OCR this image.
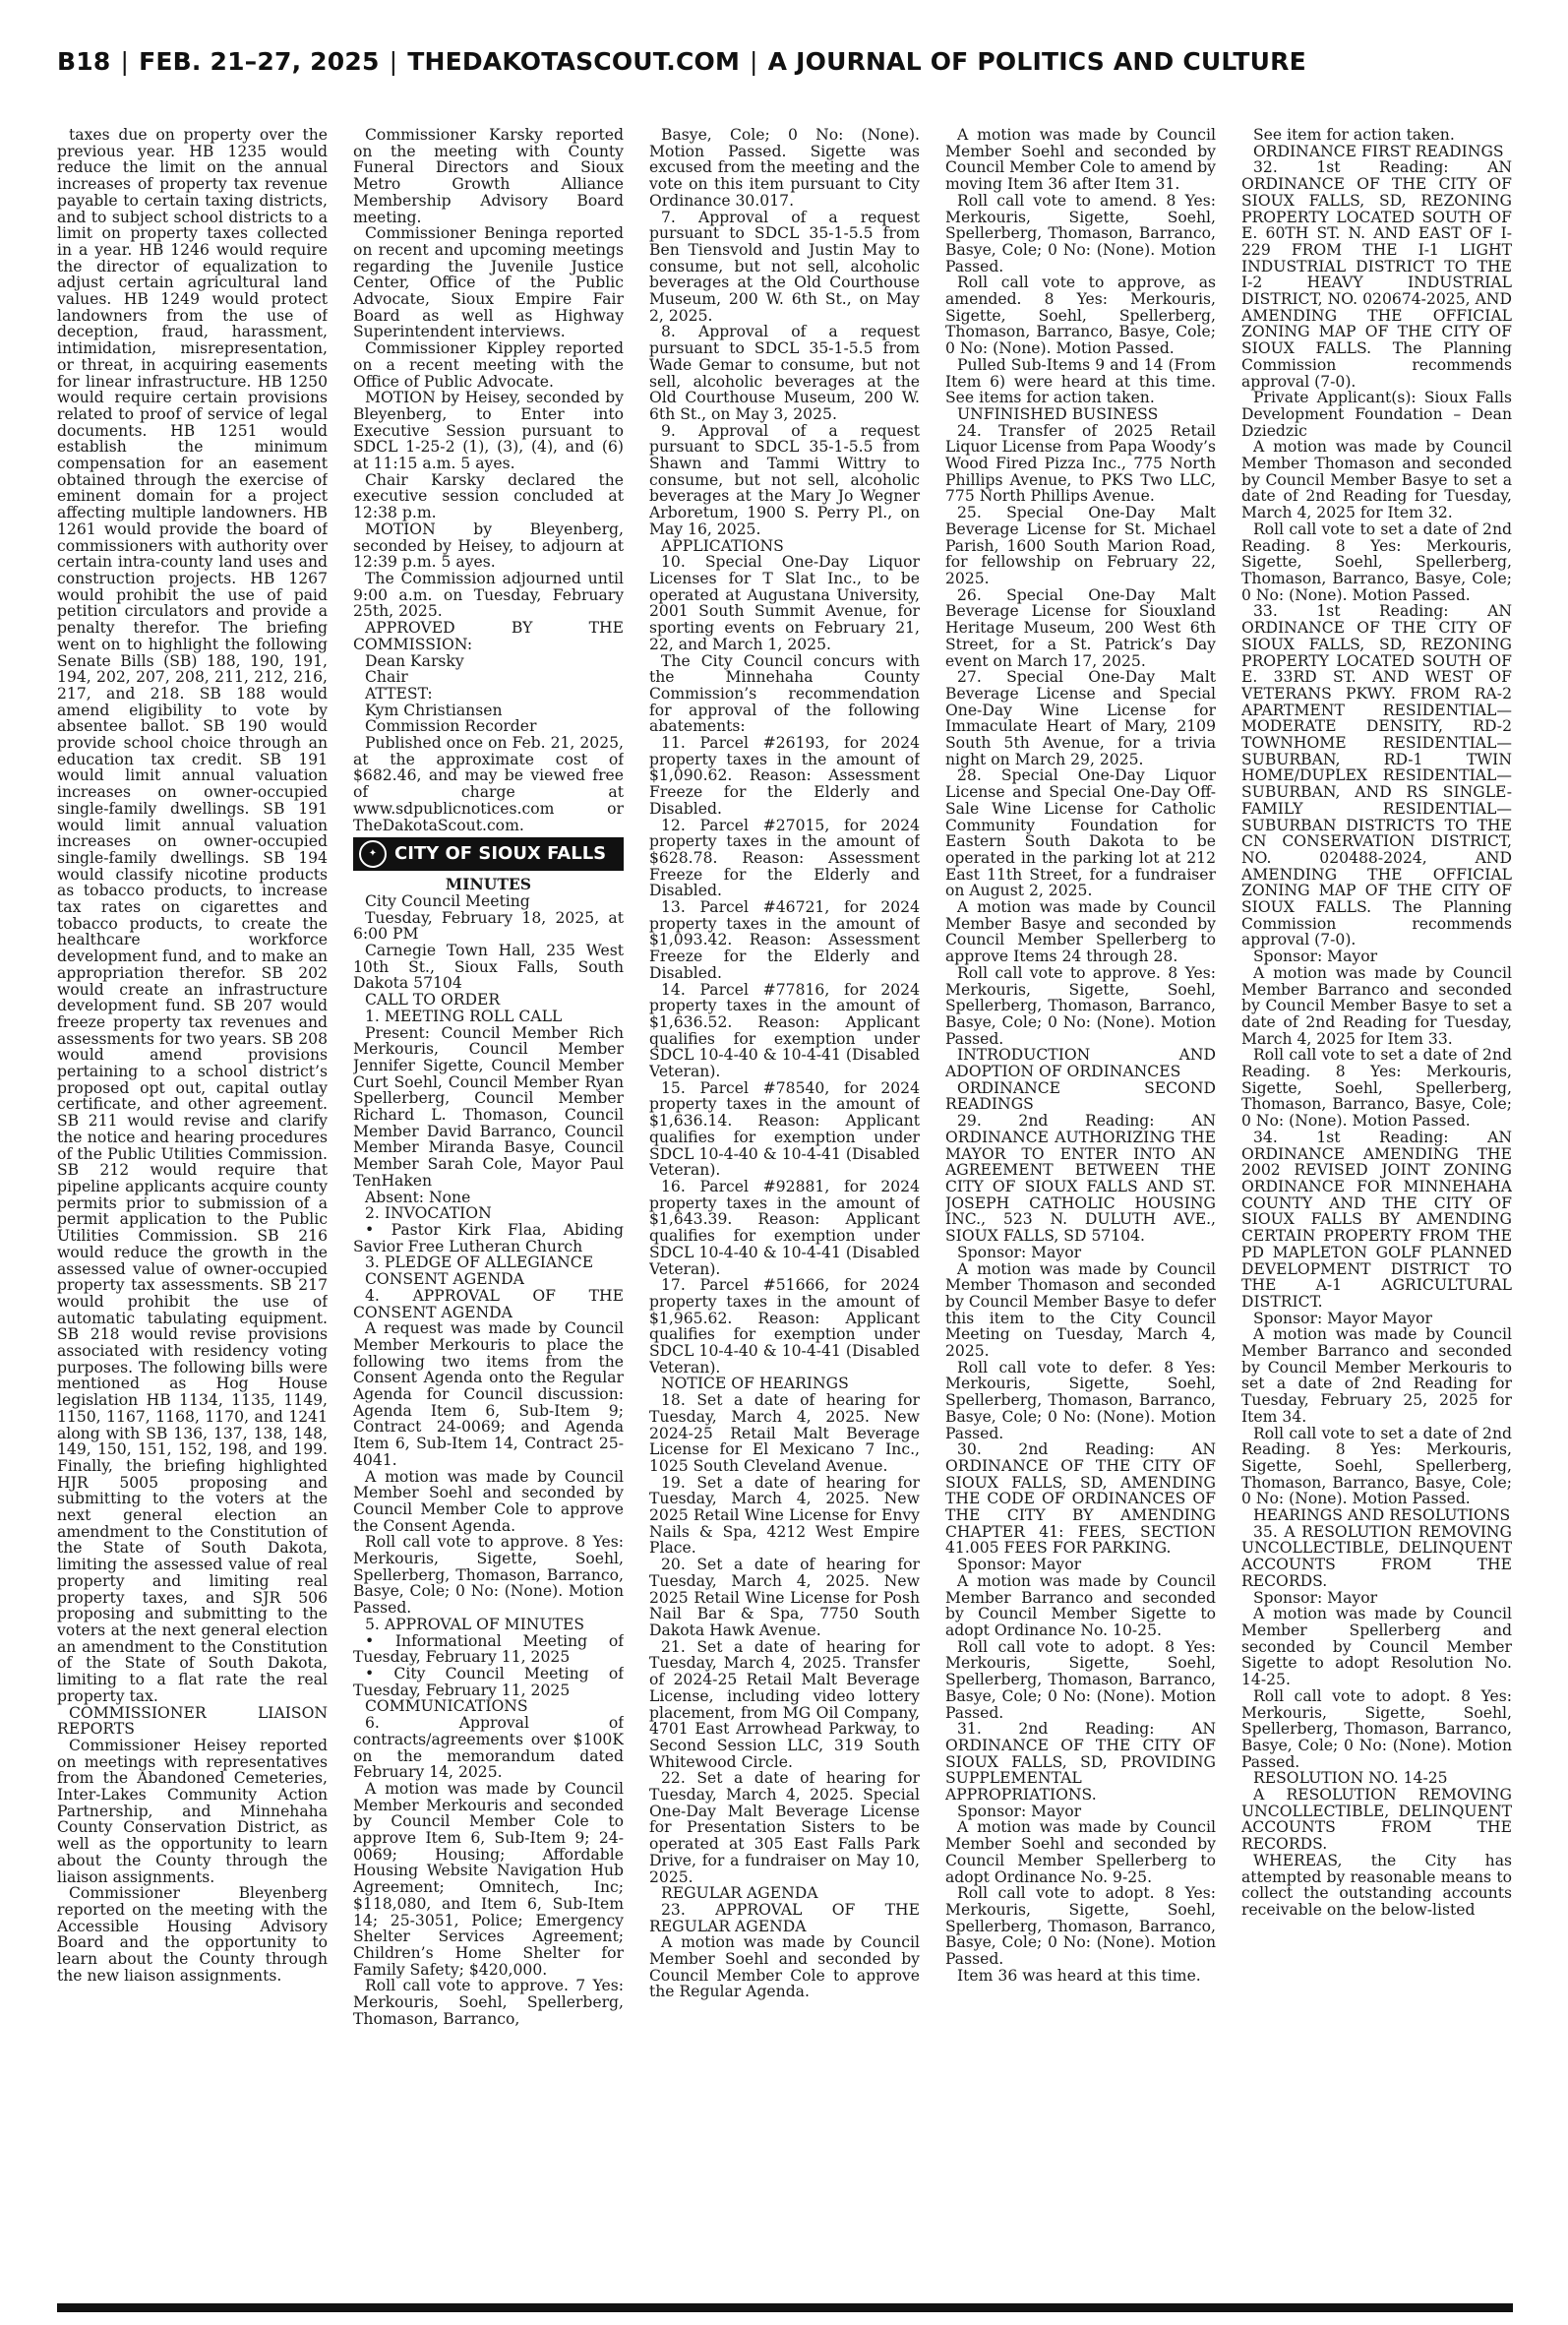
B18 | FEB. 21–27, 2025 | THEDAKOTASCOUT.COM | A JOURNAL OF POLITICS AND CULTURE

taxes due on property over the previous year. HB 1235 would reduce the limit on the annual increases of property tax revenue payable to certain taxing districts, and to subject school districts to a limit on property taxes collected in a year. HB 1246 would require the director of equalization to adjust certain agricultural land values. HB 1249 would protect landowners from the use of deception, fraud, harassment, intimidation, misrepresentation, or threat, in acquiring easements for linear infrastructure. HB 1250 would require certain provisions related to proof of service of legal documents. HB 1251 would establish the minimum compensation for an easement obtained through the exercise of eminent domain for a project affecting multiple landowners. HB 1261 would provide the board of commissioners with authority over certain intra-county land uses and construction projects. HB 1267 would prohibit the use of paid petition circulators and provide a penalty therefor. The briefing went on to highlight the following Senate Bills (SB) 188, 190, 191, 194, 202, 207, 208, 211, 212, 216, 217, and 218. SB 188 would amend eligibility to vote by absentee ballot. SB 190 would provide school choice through an education tax credit. SB 191 would limit annual valuation increases on owner-occupied single-family dwellings. SB 191 would limit annual valuation increases on owner-occupied single-family dwellings. SB 194 would classify nicotine products as tobacco products, to increase tax rates on cigarettes and tobacco products, to create the healthcare workforce development fund, and to make an appropriation therefor. SB 202 would create an infrastructure development fund. SB 207 would freeze property tax revenues and assessments for two years. SB 208 would amend provisions pertaining to a school district’s proposed opt out, capital outlay certificate, and other agreement. SB 211 would revise and clarify the notice and hearing procedures of the Public Utilities Commission. SB 212 would require that pipeline applicants acquire county permits prior to submission of a permit application to the Public Utilities Commission. SB 216 would reduce the growth in the assessed value of owner-occupied property tax assessments. SB 217 would prohibit the use of automatic tabulating equipment. SB 218 would revise provisions associated with residency voting purposes. The following bills were mentioned as Hog House legislation HB 1134, 1135, 1149, 1150, 1167, 1168, 1170, and 1241 along with SB 136, 137, 138, 148, 149, 150, 151, 152, 198, and 199. Finally, the briefing highlighted HJR 5005 proposing and submitting to the voters at the next general election an amendment to the Constitution of the State of South Dakota, limiting the assessed value of real property and limiting real property taxes, and SJR 506 proposing and submitting to the voters at the next general election an amendment to the Constitution of the State of South Dakota, limiting to a flat rate the real property tax.

COMMISSIONER LIAISON REPORTS

Commissioner Heisey reported on meetings with representatives from the Abandoned Cemeteries, Inter-Lakes Community Action Partnership, and Minnehaha County Conservation District, as well as the opportunity to learn about the County through the liaison assignments.

Commissioner Bleyenberg reported on the meeting with the Accessible Housing Advisory Board and the opportunity to learn about the County through the new liaison assignments.

Commissioner Karsky reported on the meeting with County Funeral Directors and Sioux Metro Growth Alliance Membership Advisory Board meeting.

Commissioner Beninga reported on recent and upcoming meetings regarding the Juvenile Justice Center, Office of the Public Advocate, Sioux Empire Fair Board as well as Highway Superintendent interviews.

Commissioner Kippley reported on a recent meeting with the Office of Public Advocate.

MOTION by Heisey, seconded by Bleyenberg, to Enter into Executive Session pursuant to SDCL 1-25-2 (1), (3), (4), and (6) at 11:15 a.m. 5 ayes.

Chair Karsky declared the executive session concluded at 12:38 p.m.

MOTION by Bleyenberg, seconded by Heisey, to adjourn at 12:39 p.m. 5 ayes.

The Commission adjourned until 9:00 a.m. on Tuesday, February 25th, 2025.

APPROVED BY THE COMMISSION:

Dean Karsky

Chair

ATTEST:

Kym Christiansen

Commission Recorder

Published once on Feb. 21, 2025, at the approximate cost of $682.46, and may be viewed free of charge at www.sdpublicnotices.com or TheDakotaScout.com.

✦ CITY OF SIOUX FALLS

MINUTES

City Council Meeting

Tuesday, February 18, 2025, at 6:00 PM

Carnegie Town Hall, 235 West 10th St., Sioux Falls, South Dakota 57104

CALL TO ORDER

1. MEETING ROLL CALL

Present: Council Member Rich Merkouris, Council Member Jennifer Sigette, Council Member Curt Soehl, Council Member Ryan Spellerberg, Council Member Richard L. Thomason, Council Member David Barranco, Council Member Miranda Basye, Council Member Sarah Cole, Mayor Paul TenHaken

Absent: None

2. INVOCATION

• Pastor Kirk Flaa, Abiding Savior Free Lutheran Church

3. PLEDGE OF ALLEGIANCE

CONSENT AGENDA

4. APPROVAL OF THE CONSENT AGENDA

A request was made by Council Member Merkouris to place the following two items from the Consent Agenda onto the Regular Agenda for Council discussion: Agenda Item 6, Sub-Item 9; Contract 24-0069; and Agenda Item 6, Sub-Item 14, Contract 25-4041.

A motion was made by Council Member Soehl and seconded by Council Member Cole to approve the Consent Agenda.

Roll call vote to approve. 8 Yes: Merkouris, Sigette, Soehl, Spellerberg, Thomason, Barranco, Basye, Cole; 0 No: (None). Motion Passed.

5. APPROVAL OF MINUTES

• Informational Meeting of Tuesday, February 11, 2025

• City Council Meeting of Tuesday, February 11, 2025

COMMUNICATIONS

6. Approval of contracts/agreements over $100K on the memorandum dated February 14, 2025.

A motion was made by Council Member Merkouris and seconded by Council Member Cole to approve Item 6, Sub-Item 9; 24-0069; Housing; Affordable Housing Website Navigation Hub Agreement; Omnitech, Inc; $118,080, and Item 6, Sub-Item 14; 25-3051, Police; Emergency Shelter Services Agreement; Children’s Home Shelter for Family Safety; $420,000.

Roll call vote to approve. 7 Yes: Merkouris, Soehl, Spellerberg, Thomason, Barranco,

Basye, Cole; 0 No: (None). Motion Passed. Sigette was excused from the meeting and the vote on this item pursuant to City Ordinance 30.017.

7. Approval of a request pursuant to SDCL 35-1-5.5 from Ben Tiensvold and Justin May to consume, but not sell, alcoholic beverages at the Old Courthouse Museum, 200 W. 6th St., on May 2, 2025.

8. Approval of a request pursuant to SDCL 35-1-5.5 from Wade Gemar to consume, but not sell, alcoholic beverages at the Old Courthouse Museum, 200 W. 6th St., on May 3, 2025.

9. Approval of a request pursuant to SDCL 35-1-5.5 from Shawn and Tammi Wittry to consume, but not sell, alcoholic beverages at the Mary Jo Wegner Arboretum, 1900 S. Perry Pl., on May 16, 2025.

APPLICATIONS

10. Special One-Day Liquor Licenses for T Slat Inc., to be operated at Augustana University, 2001 South Summit Avenue, for sporting events on February 21, 22, and March 1, 2025.

The City Council concurs with the Minnehaha County Commission’s recommendation for approval of the following abatements:

11. Parcel #26193, for 2024 property taxes in the amount of $1,090.62. Reason: Assessment Freeze for the Elderly and Disabled.

12. Parcel #27015, for 2024 property taxes in the amount of $628.78. Reason: Assessment Freeze for the Elderly and Disabled.

13. Parcel #46721, for 2024 property taxes in the amount of $1,093.42. Reason: Assessment Freeze for the Elderly and Disabled.

14. Parcel #77816, for 2024 property taxes in the amount of $1,636.52. Reason: Applicant qualifies for exemption under SDCL 10-4-40 & 10-4-41 (Disabled Veteran).

15. Parcel #78540, for 2024 property taxes in the amount of $1,636.14. Reason: Applicant qualifies for exemption under SDCL 10-4-40 & 10-4-41 (Disabled Veteran).

16. Parcel #92881, for 2024 property taxes in the amount of $1,643.39. Reason: Applicant qualifies for exemption under SDCL 10-4-40 & 10-4-41 (Disabled Veteran).

17. Parcel #51666, for 2024 property taxes in the amount of $1,965.62. Reason: Applicant qualifies for exemption under SDCL 10-4-40 & 10-4-41 (Disabled Veteran).

NOTICE OF HEARINGS

18. Set a date of hearing for Tuesday, March 4, 2025. New 2024-25 Retail Malt Beverage License for El Mexicano 7 Inc., 1025 South Cleveland Avenue.

19. Set a date of hearing for Tuesday, March 4, 2025. New 2025 Retail Wine License for Envy Nails & Spa, 4212 West Empire Place.

20. Set a date of hearing for Tuesday, March 4, 2025. New 2025 Retail Wine License for Posh Nail Bar & Spa, 7750 South Dakota Hawk Avenue.

21. Set a date of hearing for Tuesday, March 4, 2025. Transfer of 2024-25 Retail Malt Beverage License, including video lottery placement, from MG Oil Company, 4701 East Arrowhead Parkway, to Second Session LLC, 319 South Whitewood Circle.

22. Set a date of hearing for Tuesday, March 4, 2025. Special One-Day Malt Beverage License for Presentation Sisters to be operated at 305 East Falls Park Drive, for a fundraiser on May 10, 2025.

REGULAR AGENDA

23. APPROVAL OF THE REGULAR AGENDA

A motion was made by Council Member Soehl and seconded by Council Member Cole to approve the Regular Agenda.

A motion was made by Council Member Soehl and seconded by Council Member Cole to amend by moving Item 36 after Item 31.

Roll call vote to amend. 8 Yes: Merkouris, Sigette, Soehl, Spellerberg, Thomason, Barranco, Basye, Cole; 0 No: (None). Motion Passed.

Roll call vote to approve, as amended. 8 Yes: Merkouris, Sigette, Soehl, Spellerberg, Thomason, Barranco, Basye, Cole; 0 No: (None). Motion Passed.

Pulled Sub-Items 9 and 14 (From Item 6) were heard at this time. See items for action taken.

UNFINISHED BUSINESS

24. Transfer of 2025 Retail Liquor License from Papa Woody’s Wood Fired Pizza Inc., 775 North Phillips Avenue, to PKS Two LLC, 775 North Phillips Avenue.

25. Special One-Day Malt Beverage License for St. Michael Parish, 1600 South Marion Road, for fellowship on February 22, 2025.

26. Special One-Day Malt Beverage License for Siouxland Heritage Museum, 200 West 6th Street, for a St. Patrick’s Day event on March 17, 2025.

27. Special One-Day Malt Beverage License and Special One-Day Wine License for Immaculate Heart of Mary, 2109 South 5th Avenue, for a trivia night on March 29, 2025.

28. Special One-Day Liquor License and Special One-Day Off-Sale Wine License for Catholic Community Foundation for Eastern South Dakota to be operated in the parking lot at 212 East 11th Street, for a fundraiser on August 2, 2025.

A motion was made by Council Member Basye and seconded by Council Member Spellerberg to approve Items 24 through 28.

Roll call vote to approve. 8 Yes: Merkouris, Sigette, Soehl, Spellerberg, Thomason, Barranco, Basye, Cole; 0 No: (None). Motion Passed.

INTRODUCTION AND ADOPTION OF ORDINANCES

ORDINANCE SECOND READINGS

29. 2nd Reading: AN ORDINANCE AUTHORIZING THE MAYOR TO ENTER INTO AN AGREEMENT BETWEEN THE CITY OF SIOUX FALLS AND ST. JOSEPH CATHOLIC HOUSING INC., 523 N. DULUTH AVE., SIOUX FALLS, SD 57104.

Sponsor: Mayor

A motion was made by Council Member Thomason and seconded by Council Member Basye to defer this item to the City Council Meeting on Tuesday, March 4, 2025.

Roll call vote to defer. 8 Yes: Merkouris, Sigette, Soehl, Spellerberg, Thomason, Barranco, Basye, Cole; 0 No: (None). Motion Passed.

30. 2nd Reading: AN ORDINANCE OF THE CITY OF SIOUX FALLS, SD, AMENDING THE CODE OF ORDINANCES OF THE CITY BY AMENDING CHAPTER 41: FEES, SECTION 41.005 FEES FOR PARKING.

Sponsor: Mayor

A motion was made by Council Member Barranco and seconded by Council Member Sigette to adopt Ordinance No. 10-25.

Roll call vote to adopt. 8 Yes: Merkouris, Sigette, Soehl, Spellerberg, Thomason, Barranco, Basye, Cole; 0 No: (None). Motion Passed.

31. 2nd Reading: AN ORDINANCE OF THE CITY OF SIOUX FALLS, SD, PROVIDING SUPPLEMENTAL APPROPRIATIONS.

Sponsor: Mayor

A motion was made by Council Member Soehl and seconded by Council Member Spellerberg to adopt Ordinance No. 9-25.

Roll call vote to adopt. 8 Yes: Merkouris, Sigette, Soehl, Spellerberg, Thomason, Barranco, Basye, Cole; 0 No: (None). Motion Passed.

Item 36 was heard at this time.

See item for action taken.

ORDINANCE FIRST READINGS

32. 1st Reading: AN ORDINANCE OF THE CITY OF SIOUX FALLS, SD, REZONING PROPERTY LOCATED SOUTH OF E. 60TH ST. N. AND EAST OF I-229 FROM THE I-1 LIGHT INDUSTRIAL DISTRICT TO THE I-2 HEAVY INDUSTRIAL DISTRICT, NO. 020674-2025, AND AMENDING THE OFFICIAL ZONING MAP OF THE CITY OF SIOUX FALLS. The Planning Commission recommends approval (7-0).

Private Applicant(s): Sioux Falls Development Foundation – Dean Dziedzic

A motion was made by Council Member Thomason and seconded by Council Member Basye to set a date of 2nd Reading for Tuesday, March 4, 2025 for Item 32.

Roll call vote to set a date of 2nd Reading. 8 Yes: Merkouris, Sigette, Soehl, Spellerberg, Thomason, Barranco, Basye, Cole; 0 No: (None). Motion Passed.

33. 1st Reading: AN ORDINANCE OF THE CITY OF SIOUX FALLS, SD, REZONING PROPERTY LOCATED SOUTH OF E. 33RD ST. AND WEST OF VETERANS PKWY. FROM RA-2 APARTMENT RESIDENTIAL—MODERATE DENSITY, RD-2 TOWNHOME RESIDENTIAL—SUBURBAN, RD-1 TWIN HOME/DUPLEX RESIDENTIAL—SUBURBAN, AND RS SINGLE-FAMILY RESIDENTIAL—SUBURBAN DISTRICTS TO THE CN CONSERVATION DISTRICT, NO. 020488-2024, AND AMENDING THE OFFICIAL ZONING MAP OF THE CITY OF SIOUX FALLS. The Planning Commission recommends approval (7-0).

Sponsor: Mayor

A motion was made by Council Member Barranco and seconded by Council Member Basye to set a date of 2nd Reading for Tuesday, March 4, 2025 for Item 33.

Roll call vote to set a date of 2nd Reading. 8 Yes: Merkouris, Sigette, Soehl, Spellerberg, Thomason, Barranco, Basye, Cole; 0 No: (None). Motion Passed.

34. 1st Reading: AN ORDINANCE AMENDING THE 2002 REVISED JOINT ZONING ORDINANCE FOR MINNEHAHA COUNTY AND THE CITY OF SIOUX FALLS BY AMENDING CERTAIN PROPERTY FROM THE PD MAPLETON GOLF PLANNED DEVELOPMENT DISTRICT TO THE A-1 AGRICULTURAL DISTRICT.

Sponsor: Mayor Mayor

A motion was made by Council Member Barranco and seconded by Council Member Merkouris to set a date of 2nd Reading for Tuesday, February 25, 2025 for Item 34.

Roll call vote to set a date of 2nd Reading. 8 Yes: Merkouris, Sigette, Soehl, Spellerberg, Thomason, Barranco, Basye, Cole; 0 No: (None). Motion Passed.

HEARINGS AND RESOLUTIONS

35. A RESOLUTION REMOVING UNCOLLECTIBLE, DELINQUENT ACCOUNTS FROM THE RECORDS.

Sponsor: Mayor

A motion was made by Council Member Spellerberg and seconded by Council Member Sigette to adopt Resolution No. 14-25.

Roll call vote to adopt. 8 Yes: Merkouris, Sigette, Soehl, Spellerberg, Thomason, Barranco, Basye, Cole; 0 No: (None). Motion Passed.

RESOLUTION NO. 14-25

A RESOLUTION REMOVING UNCOLLECTIBLE, DELINQUENT ACCOUNTS FROM THE RECORDS.

WHEREAS, the City has attempted by reasonable means to collect the outstanding accounts receivable on the below-listed
